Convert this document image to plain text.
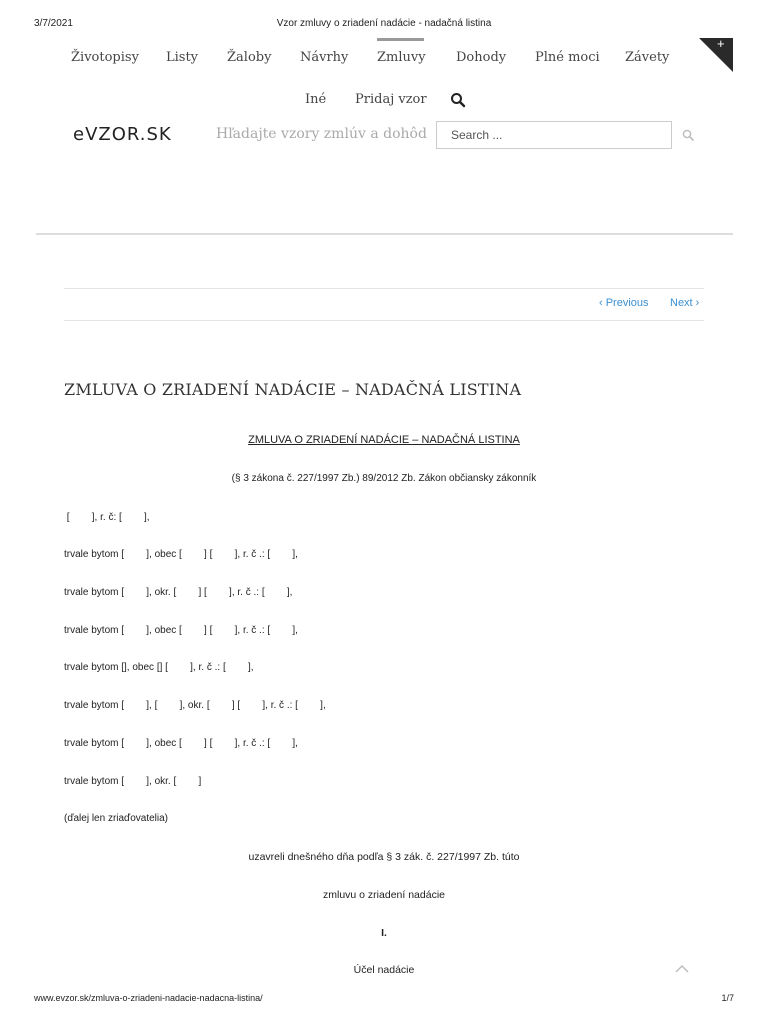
3/7/2021	Vzor zmluvy o zriadení nadácie - nadačná listina
Životopisy Listy Žaloby Návrhy Zmluvy Dohody Plné moci Závety
+
Iné Pridaj vzor
eVZOR.SK	Hľadajte vzory zmlúv a dohôd	Search ...
‹ Previous Next ›
ZMLUVA O ZRIADENÍ NADÁCIE – NADAČNÁ LISTINA
ZMLUVA O ZRIADENÍ NADÁCIE – NADAČNÁ LISTINA
(§ 3 zákona č. 227/1997 Zb.) 89/2012 Zb. Zákon občiansky zákonník
[        ], r. č: [        ],
trvale bytom [        ], obec [        ] [        ], r. č .: [        ],
trvale bytom [        ], okr. [        ] [        ], r. č .: [        ],
trvale bytom [        ], obec [        ] [        ], r. č .: [        ],
trvale bytom [], obec [] [        ], r. č .: [        ],
trvale bytom [        ], [        ], okr. [        ] [        ], r. č .: [        ],
trvale bytom [        ], obec [        ] [        ], r. č .: [        ],
trvale bytom [        ], okr. [        ]
(ďalej len zriaďovatelia)
uzavreli dnešného dňa podľa § 3 zák. č. 227/1997 Zb. túto
zmluvu o zriadení nadácie
I.
Účel nadácie
www.evzor.sk/zmluva-o-zriadeni-nadacie-nadacna-listina/	1/7
